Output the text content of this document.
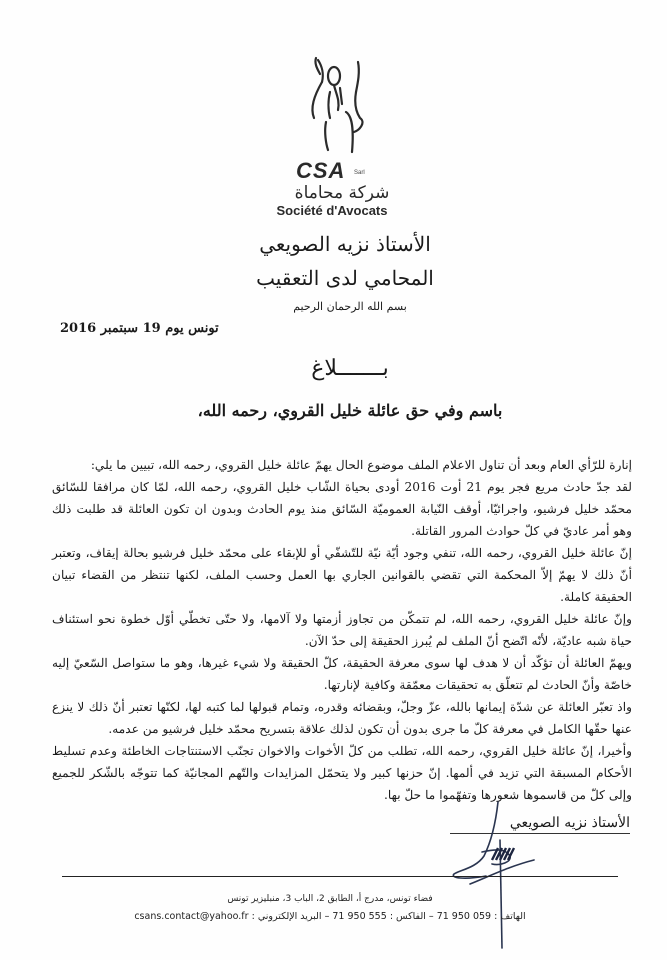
CSA Sarl
شركة محاماة
Société d'Avocats
الأستاذ نزيه الصويعي
المحامي لدى التعقيب
بسم الله الرحمان الرحيم
تونس يوم 19 سبتمبر 2016
بـــــــلاغ
باسم وفي حق عائلة خليل القروي، رحمه الله،

إنارة للرّأي العام وبعد أن تناول الاعلام الملف موضوع الحال يهمّ عائلة خليل القروي، رحمه الله، تبيين ما يلي:

لقد جدّ حادث مريع فجر يوم 21 أوت 2016 أودى بحياة الشّاب خليل القروي، رحمه الله، لمّا كان مرافقا للسّائق محمّد خليل فرشيو، واجرائيّا، أوقف النّيابة العموميّة السّائق منذ يوم الحادث وبدون ان تكون العائلة قد طلبت ذلك وهو أمر عاديّ في كلّ حوادث المرور القاتلة.

إنّ عائلة خليل القروي، رحمه الله، تنفي وجود أيّة نيّة للتّشفّي أو للإبقاء على محمّد خليل فرشيو بحالة إيقاف، وتعتبر أنّ ذلك لا يهمّ إلاّ المحكمة التي تقضي بالقوانين الجاري بها العمل وحسب الملف، لكنها تنتظر من القضاء تبيان الحقيقة كاملة.

وإنّ عائلة خليل القروي، رحمه الله، لم تتمكّن من تجاوز أزمتها ولا آلامها، ولا حتّى تخطّي أوّل خطوة نحو استئناف حياة شبه عاديّة، لأنّه اتّضح أنّ الملف لم يُبرز الحقيقة إلى حدّ الآن.

ويهمّ العائلة أن تؤكّد أن لا هدف لها سوى معرفة الحقيقة، كلّ الحقيقة ولا شيء غيرها، وهو ما ستواصل السّعيّ إليه خاصّة وأنّ الحادث لم تتعلّق به تحقيقات معمّقة وكافية لإنارتها.

واذ تعبّر العائلة عن شدّة إيمانها بالله، عزّ وجلّ، وبقضائه وقدره، وتمام قبولها لما كتبه لها، لكنّها تعتبر أنّ ذلك لا ينزع عنها حقّها الكامل في معرفة كلّ ما جرى بدون أن تكون لذلك علاقة بتسريح محمّد خليل فرشيو من عدمه.

وأخيرا، إنّ عائلة خليل القروي، رحمه الله، تطلب من كلّ الأخوات والاخوان تجنّب الاستنتاجات الخاطئة وعدم تسليط الأحكام المسبقة التي تزيد في ألمها. إنّ حزنها كبير ولا يتحمّل المزايدات والتّهم المجانيّة كما تتوجّه بالشّكر للجميع وإلى كلّ من قاسموها شعورها وتفهّموا ما حلّ بها.

الأستاذ نزيه الصويعي
فضاء تونس، مدرج أ، الطابق 2، الباب 3، منبليزير تونس
الهاتف : 71 950 059 – الفاكس : 71 950 555 – البريد الإلكتروني : csans.contact@yahoo.fr
